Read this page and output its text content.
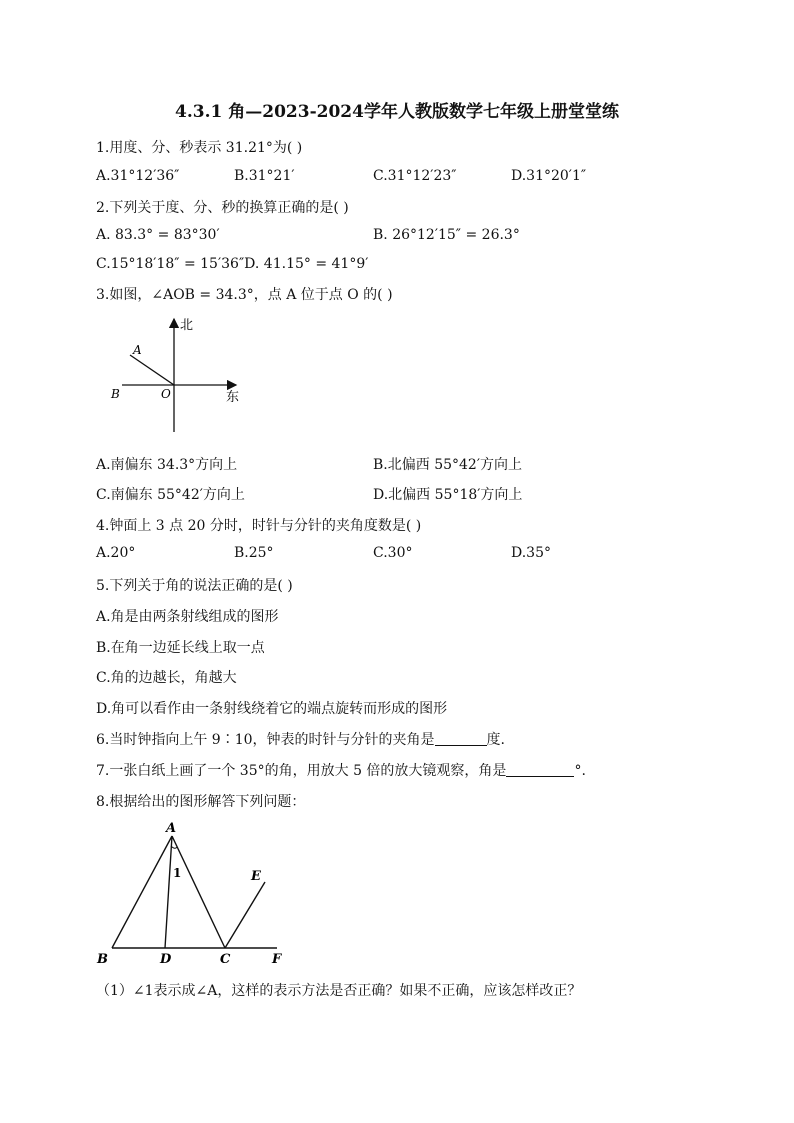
4.3.1 角—2023-2024学年人教版数学七年级上册堂堂练
1.用度、分、秒表示 31.21°为( )
A.31°12′36″	B.31°21′	C.31°12′23″	D.31°20′1″
2.下列关于度、分、秒的换算正确的是( )
A. 83.3° = 83°30′	B. 26°12′15″ = 26.3°
C.15°18′18″ = 15′36″D. 41.15° = 41°9′
3.如图，∠AOB = 34.3°，点 A 位于点 O 的( )
北
东
A
B	O
A.南偏东 34.3°方向上	B.北偏西 55°42′方向上
C.南偏东 55°42′方向上	D.北偏西 55°18′方向上
4.钟面上 3 点 20 分时，时针与分针的夹角度数是( )
A.20°	B.25°	C.30°	D.35°
5.下列关于角的说法正确的是( )
A.角是由两条射线组成的图形
B.在角一边延长线上取一点
C.角的边越长，角越大
D.角可以看作由一条射线绕着它的端点旋转而形成的图形
6.当时钟指向上午 9∶10，钟表的时针与分针的夹角是	度.
7.一张白纸上画了一个 35°的角，用放大 5 倍的放大镜观察，角是	°.
8.根据给出的图形解答下列问题：
A
B	C
D
E
F
1
（1）∠1表示成∠A，这样的表示方法是否正确？如果不正确，应该怎样改正？
